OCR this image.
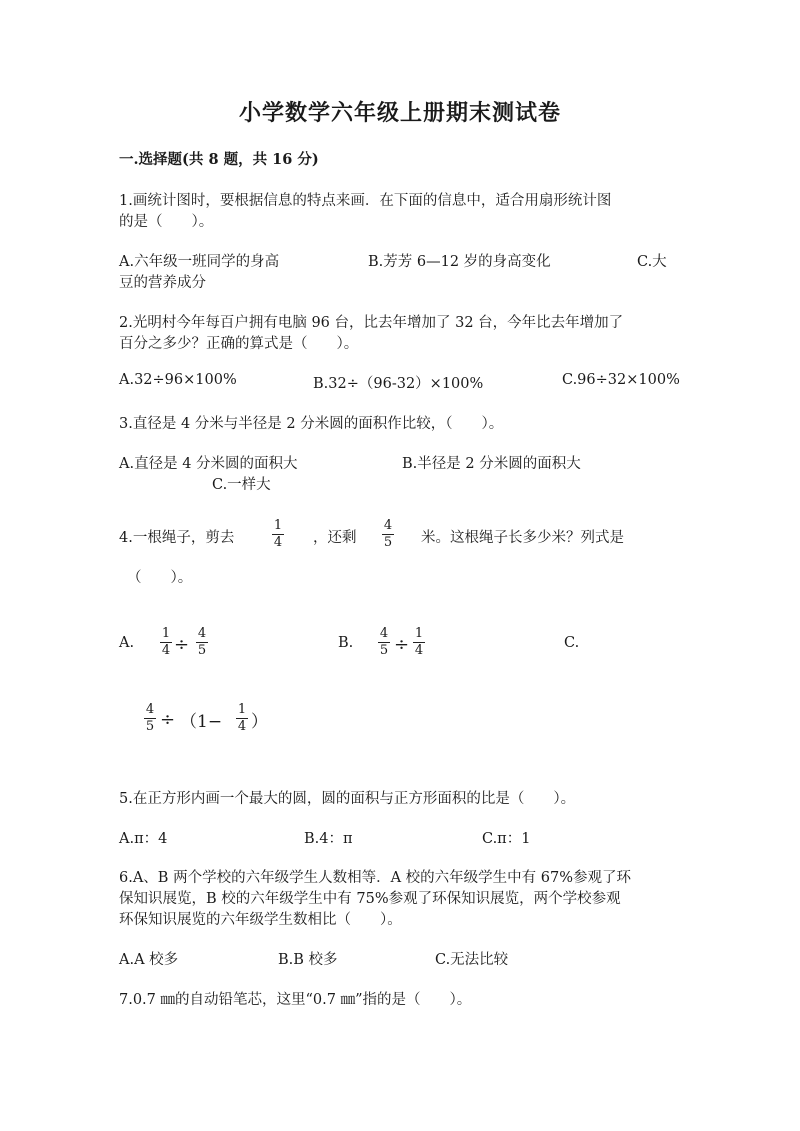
小学数学六年级上册期末测试卷
一.选择题(共 8 题，共 16 分)
1.画统计图时，要根据信息的特点来画．在下面的信息中，适合用扇形统计图
的是（　　）。
A.六年级一班同学的身高	B.芳芳 6—12 岁的身高变化	C.大
豆的营养成分
2.光明村今年每百户拥有电脑 96 台，比去年增加了 32 台，今年比去年增加了
百分之多少？正确的算式是（　　）。
A.32÷96×100%	B.32÷（96-32）×100%	C.96÷32×100%
3.直径是 4 分米与半径是 2 分米圆的面积作比较，（　　）。
A.直径是 4 分米圆的面积大	B.半径是 2 分米圆的面积大
C.一样大
4.一根绳子，剪去
1
4 ，还剩
4
5 米。这根绳子长多少米？列式是
（　　）。
A.
1
4 ÷
4
5	B.
4
5 ÷
1
4	C.
4
5 ÷ （1−
1
4 ）
5.在正方形内画一个最大的圆，圆的面积与正方形面积的比是（　　）。
A.π：4	B.4：π	C.π：1
6.A、B 两个学校的六年级学生人数相等．A 校的六年级学生中有 67%参观了环
保知识展览，B 校的六年级学生中有 75%参观了环保知识展览，两个学校参观
环保知识展览的六年级学生数相比（　　）。
A.A 校多	B.B 校多	C.无法比较
7.0.7 ㎜的自动铅笔芯，这里“0.7 ㎜”指的是（　　）。
